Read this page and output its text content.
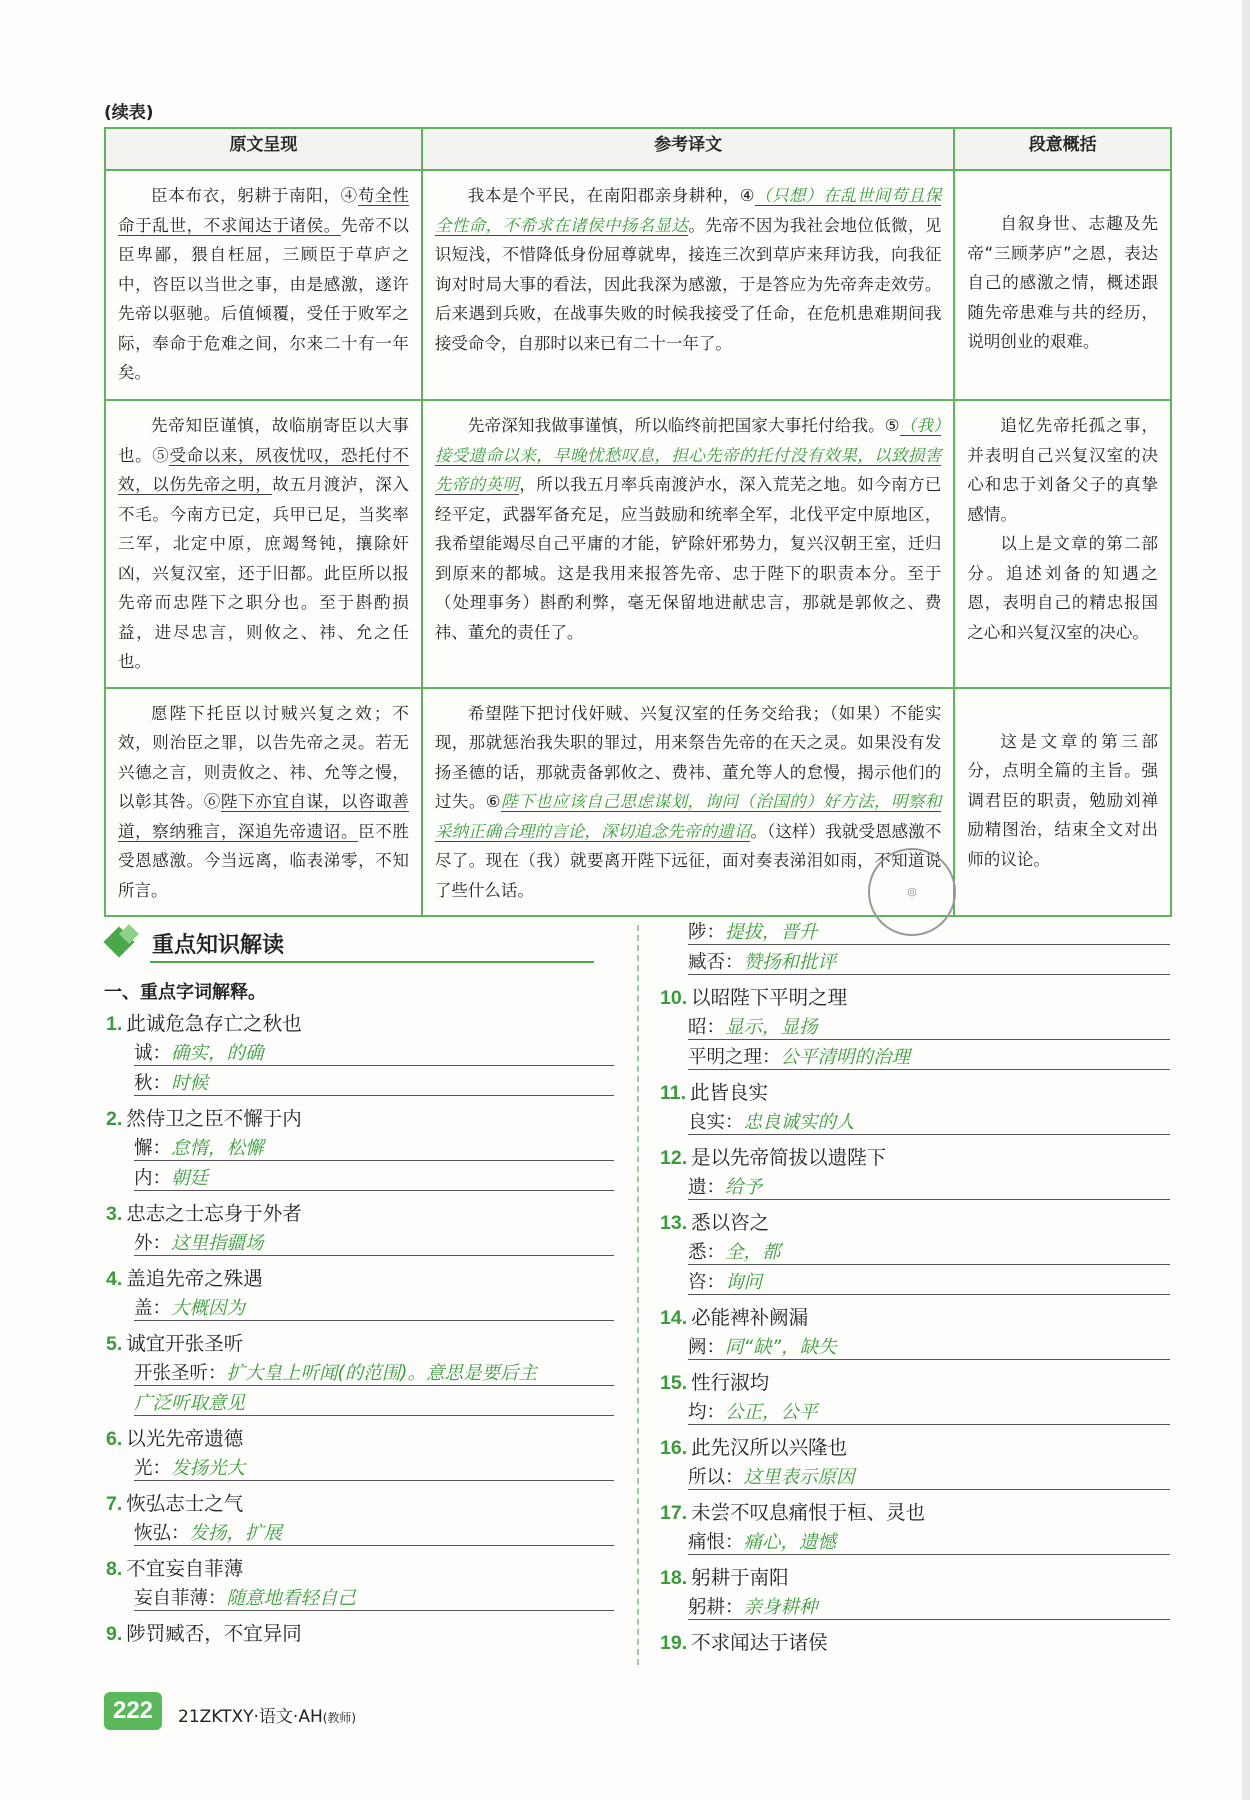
(续表)
原文呈现	参考译文	段意概括

臣本布衣，躬耕于南阳，④苟全性命于乱世，不求闻达于诸侯。先帝不以臣卑鄙，猥自枉屈，三顾臣于草庐之中，咨臣以当世之事，由是感激，遂许先帝以驱驰。后值倾覆，受任于败军之际，奉命于危难之间，尔来二十有一年矣。	我本是个平民，在南阳郡亲身耕种，④（只想）在乱世间苟且保全性命，不希求在诸侯中扬名显达。先帝不因为我社会地位低微，见识短浅，不惜降低身份屈尊就卑，接连三次到草庐来拜访我，向我征询对时局大事的看法，因此我深为感激，于是答应为先帝奔走效劳。后来遇到兵败，在战事失败的时候我接受了任命，在危机患难期间我接受命令，自那时以来已有二十一年了。	自叙身世、志趣及先帝“三顾茅庐”之恩，表达自己的感激之情，概述跟随先帝患难与共的经历，说明创业的艰难。

先帝知臣谨慎，故临崩寄臣以大事也。⑤受命以来，夙夜忧叹，恐托付不效，以伤先帝之明，故五月渡泸，深入不毛。今南方已定，兵甲已足，当奖率三军，北定中原，庶竭驽钝，攘除奸凶，兴复汉室，还于旧都。此臣所以报先帝而忠陛下之职分也。至于斟酌损益，进尽忠言，则攸之、祎、允之任也。	先帝深知我做事谨慎，所以临终前把国家大事托付给我。⑤（我）接受遗命以来，早晚忧愁叹息，担心先帝的托付没有效果，以致损害先帝的英明，所以我五月率兵南渡泸水，深入荒芜之地。如今南方已经平定，武器军备充足，应当鼓励和统率全军，北伐平定中原地区，我希望能竭尽自己平庸的才能，铲除奸邪势力，复兴汉朝王室，迁归到原来的都城。这是我用来报答先帝、忠于陛下的职责本分。至于（处理事务）斟酌利弊，毫无保留地进献忠言，那就是郭攸之、费祎、董允的责任了。	追忆先帝托孤之事，并表明自己兴复汉室的决心和忠于刘备父子的真挚感情。

以上是文章的第二部分。追述刘备的知遇之恩，表明自己的精忠报国之心和兴复汉室的决心。

愿陛下托臣以讨贼兴复之效；不效，则治臣之罪，以告先帝之灵。若无兴德之言，则责攸之、祎、允等之慢，以彰其咎。⑥陛下亦宜自谋，以咨诹善道，察纳雅言，深追先帝遗诏。臣不胜受恩感激。今当远离，临表涕零，不知所言。	希望陛下把讨伐奸贼、兴复汉室的任务交给我；（如果）不能实现，那就惩治我失职的罪过，用来祭告先帝的在天之灵。如果没有发扬圣德的话，那就责备郭攸之、费祎、董允等人的怠慢，揭示他们的过失。⑥陛下也应该自己思虑谋划，询问（治国的）好方法，明察和采纳正确合理的言论，深切追念先帝的遗诏。（这样）我就受恩感激不尽了。现在（我）就要离开陛下远征，面对奏表涕泪如雨，不知道说了些什么话。	这是文章的第三部分，点明全篇的主旨。强调君臣的职责，勉励刘禅励精图治，结束全文对出师的议论。

◎
重点知识解读
一、重点字词解释。
1. 此诚危急存亡之秋也
诚：确实，的确
秋：时候
2. 然侍卫之臣不懈于内
懈：怠惰，松懈
内：朝廷
3. 忠志之士忘身于外者
外：这里指疆场
4. 盖追先帝之殊遇
盖：大概因为
5. 诚宜开张圣听
开张圣听：扩大皇上听闻(的范围)。意思是要后主
广泛听取意见
6. 以光先帝遗德
光：发扬光大
7. 恢弘志士之气
恢弘：发扬，扩展
8. 不宜妄自菲薄
妄自菲薄：随意地看轻自己
9. 陟罚臧否，不宜异同
陟：提拔，晋升
臧否：赞扬和批评
10. 以昭陛下平明之理
昭：显示，显扬
平明之理：公平清明的治理
11. 此皆良实
良实：忠良诚实的人
12. 是以先帝简拔以遗陛下
遗：给予
13. 悉以咨之
悉：全，都
咨：询问
14. 必能裨补阙漏
阙：同“缺”，缺失
15. 性行淑均
均：公正，公平
16. 此先汉所以兴隆也
所以：这里表示原因
17. 未尝不叹息痛恨于桓、灵也
痛恨：痛心，遗憾
18. 躬耕于南阳
躬耕：亲身耕种
19. 不求闻达于诸侯
222	21ZKTXY·语文·AH(教师)
